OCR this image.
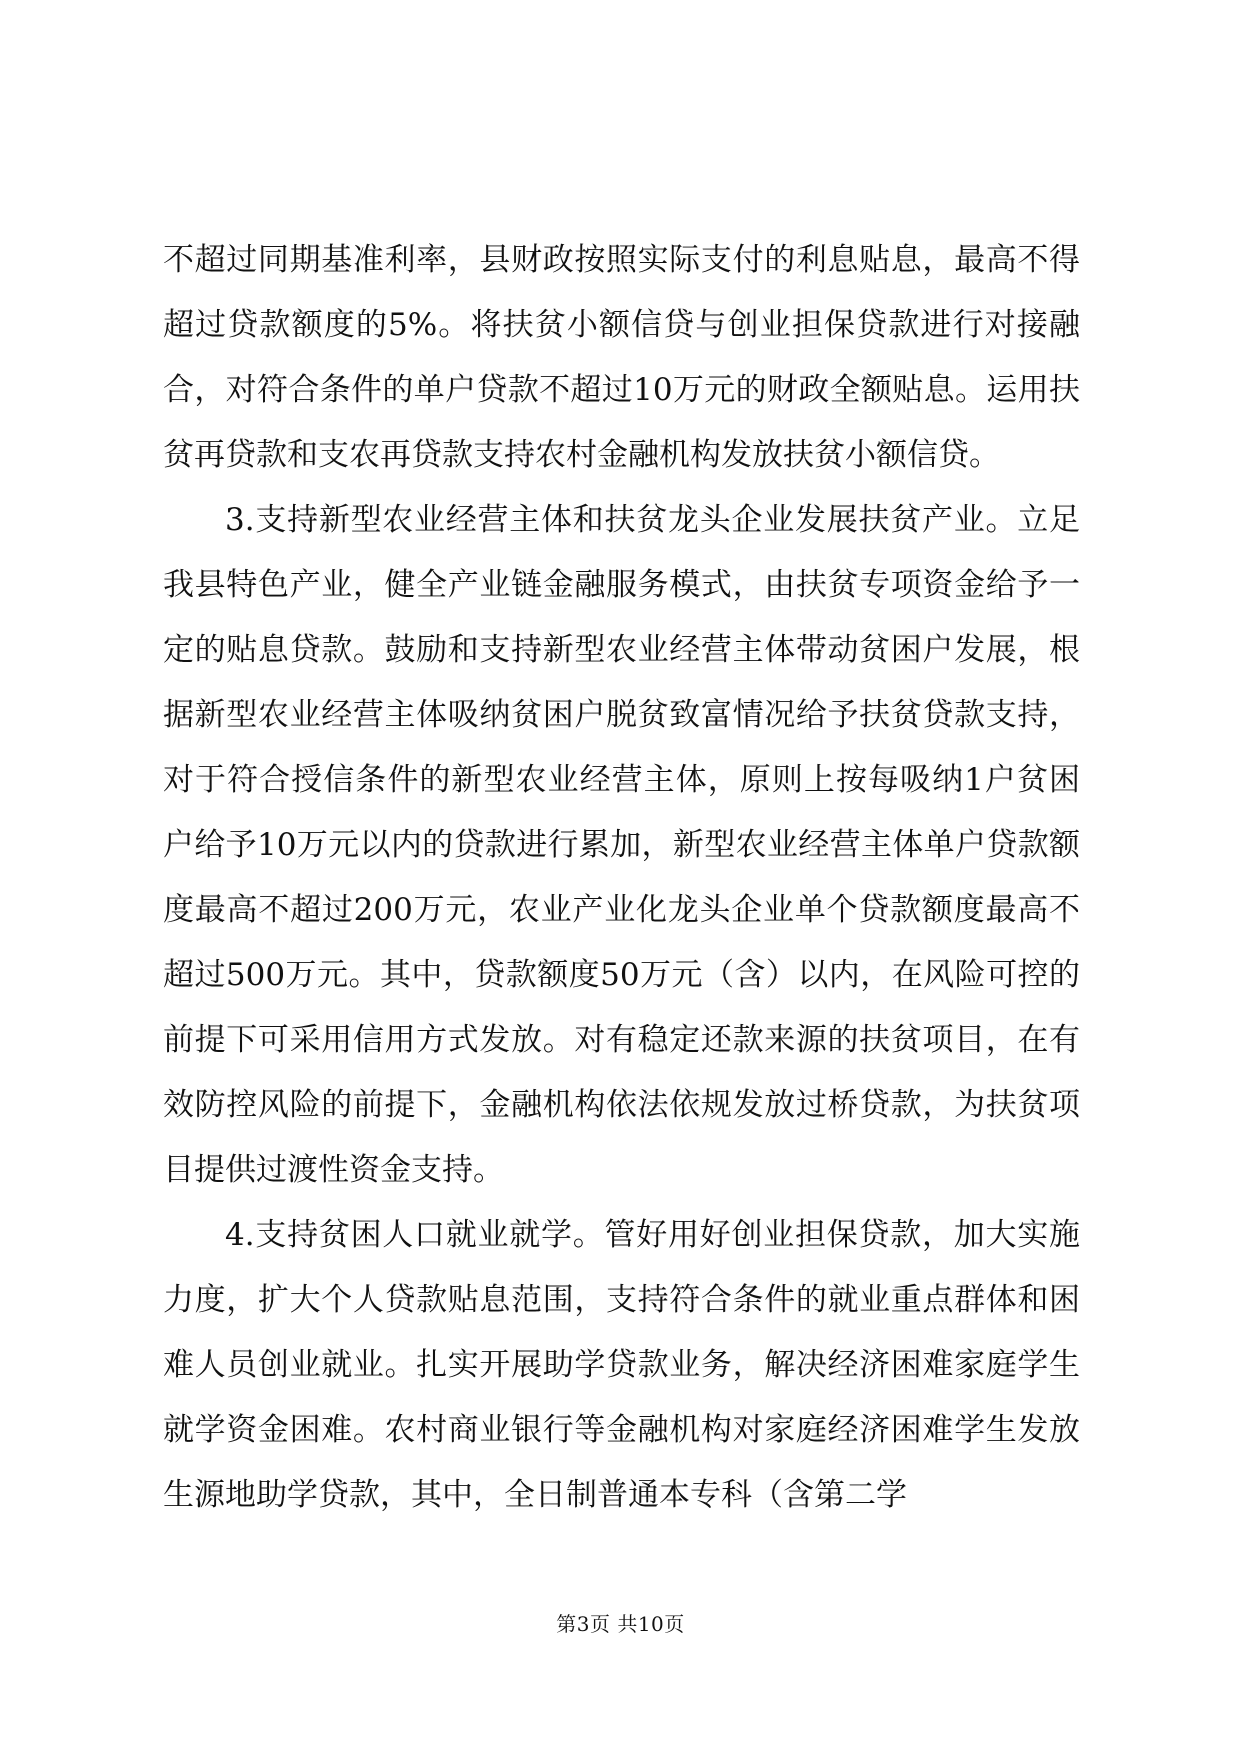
不超过同期基准利率，县财政按照实际支付的利息贴息，最高不得超过贷款额度的5%。将扶贫小额信贷与创业担保贷款进行对接融合，对符合条件的单户贷款不超过10万元的财政全额贴息。运用扶贫再贷款和支农再贷款支持农村金融机构发放扶贫小额信贷。

3.支持新型农业经营主体和扶贫龙头企业发展扶贫产业。立足我县特色产业，健全产业链金融服务模式，由扶贫专项资金给予一定的贴息贷款。鼓励和支持新型农业经营主体带动贫困户发展，根据新型农业经营主体吸纳贫困户脱贫致富情况给予扶贫贷款支持，对于符合授信条件的新型农业经营主体，原则上按每吸纳1户贫困户给予10万元以内的贷款进行累加，新型农业经营主体单户贷款额度最高不超过200万元，农业产业化龙头企业单个贷款额度最高不超过500万元。其中，贷款额度50万元（含）以内，在风险可控的前提下可采用信用方式发放。对有稳定还款来源的扶贫项目，在有效防控风险的前提下，金融机构依法依规发放过桥贷款，为扶贫项目提供过渡性资金支持。

4.支持贫困人口就业就学。管好用好创业担保贷款，加大实施力度，扩大个人贷款贴息范围，支持符合条件的就业重点群体和困难人员创业就业。扎实开展助学贷款业务，解决经济困难家庭学生就学资金困难。农村商业银行等金融机构对家庭经济困难学生发放生源地助学贷款，其中，全日制普通本专科（含第二学

第3页 共10页
